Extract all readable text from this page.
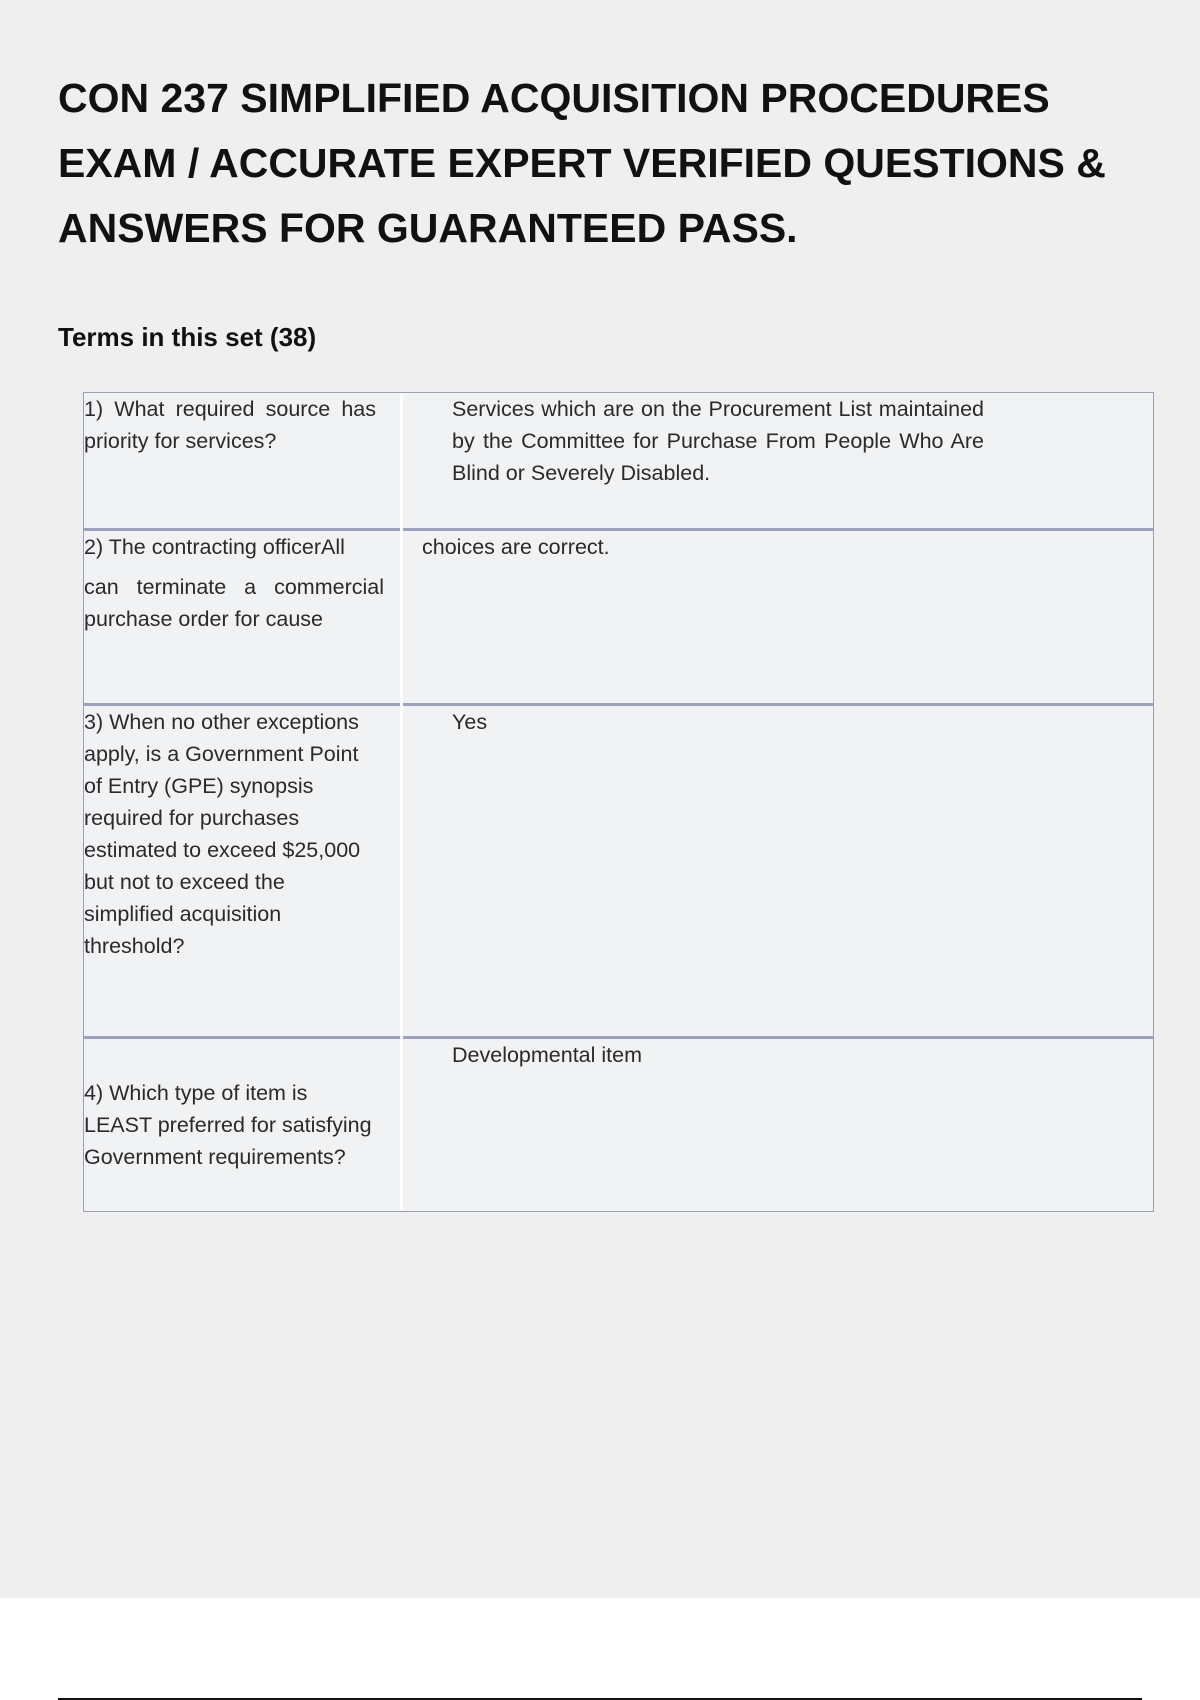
CON 237 SIMPLIFIED ACQUISITION PROCEDURES EXAM / ACCURATE EXPERT VERIFIED QUESTIONS & ANSWERS FOR GUARANTEED PASS.
Terms in this set (38)

1) What required source has priority for services?

Services which are on the Procurement List maintained by the Committee for Purchase From People Who Are Blind or Severely Disabled.

2) The contracting officerAll

can terminate a commercial purchase order for cause

choices are correct.

3) When no other exceptions apply, is a Government Point of Entry (GPE) synopsis required for purchases estimated to exceed $25,000 but not to exceed the simplified acquisition threshold?

Yes

Developmental item

4) Which type of item is LEAST preferred for satisfying Government requirements?
